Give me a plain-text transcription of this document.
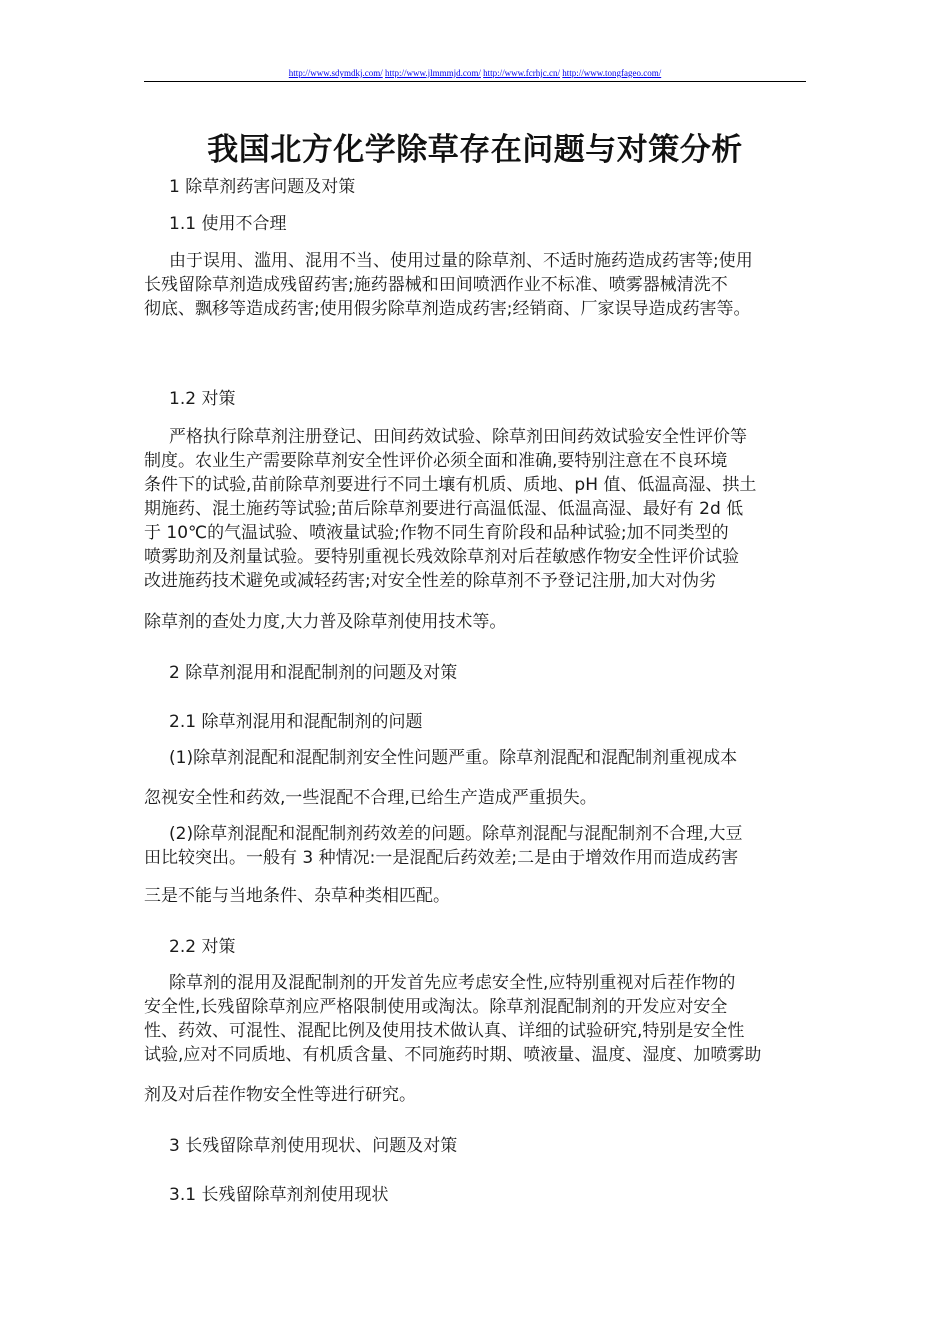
http://www.sdymdkj.com/ http://www.jlmmmjd.com/ http://www.fcrhjc.cn/ http://www.tongfageo.com/
我国北方化学除草存在问题与对策分析
1 除草剂药害问题及对策
1.1 使用不合理
由于误用、滥用、混用不当、使用过量的除草剂、不适时施药造成药害等;使用
长残留除草剂造成残留药害;施药器械和田间喷洒作业不标准、喷雾器械清洗不
彻底、飘移等造成药害;使用假劣除草剂造成药害;经销商、厂家误导造成药害等。
1.2 对策
严格执行除草剂注册登记、田间药效试验、除草剂田间药效试验安全性评价等
制度。农业生产需要除草剂安全性评价必须全面和准确,要特别注意在不良环境
条件下的试验,苗前除草剂要进行不同土壤有机质、质地、pH 值、低温高湿、拱土
期施药、混土施药等试验;苗后除草剂要进行高温低湿、低温高湿、最好有 2d 低
于 10℃的气温试验、喷液量试验;作物不同生育阶段和品种试验;加不同类型的
喷雾助剂及剂量试验。要特别重视长残效除草剂对后茬敏感作物安全性评价试验
改进施药技术避免或减轻药害;对安全性差的除草剂不予登记注册,加大对伪劣
除草剂的查处力度,大力普及除草剂使用技术等。
2 除草剂混用和混配制剂的问题及对策
2.1 除草剂混用和混配制剂的问题
(1)除草剂混配和混配制剂安全性问题严重。除草剂混配和混配制剂重视成本
忽视安全性和药效,一些混配不合理,已给生产造成严重损失。
(2)除草剂混配和混配制剂药效差的问题。除草剂混配与混配制剂不合理,大豆
田比较突出。一般有 3 种情况:一是混配后药效差;二是由于增效作用而造成药害
三是不能与当地条件、杂草种类相匹配。
2.2 对策
除草剂的混用及混配制剂的开发首先应考虑安全性,应特别重视对后茬作物的
安全性,长残留除草剂应严格限制使用或淘汰。除草剂混配制剂的开发应对安全
性、药效、可混性、混配比例及使用技术做认真、详细的试验研究,特别是安全性
试验,应对不同质地、有机质含量、不同施药时期、喷液量、温度、湿度、加喷雾助
剂及对后茬作物安全性等进行研究。
3 长残留除草剂使用现状、问题及对策
3.1 长残留除草剂剂使用现状
